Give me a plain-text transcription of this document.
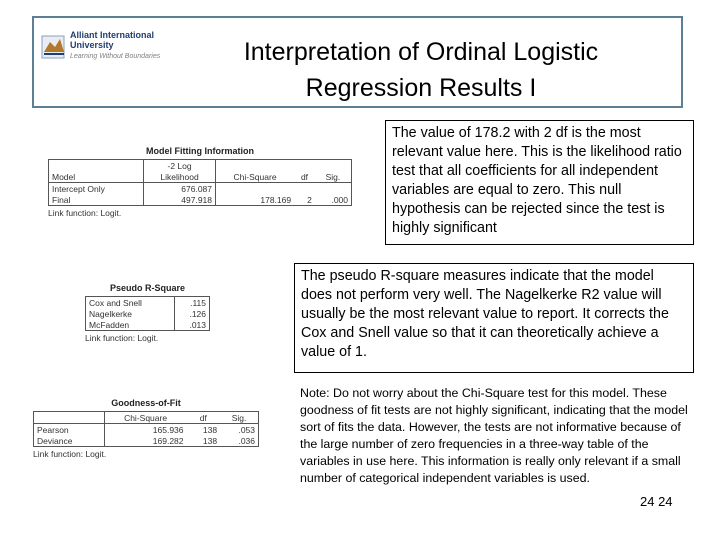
Alliant International
University
Learning Without Boundaries	Interpretation of Ordinal Logistic
Regression Results I
Model Fitting Information
Model	-2 Log	Chi-Square	df	Sig.
	Likelihood			
Intercept Only	676.087			
Final	497.918	178.169	2	.000
Link function: Logit.
Pseudo R-Square
Cox and Snell	.115
Nagelkerke	.126
McFadden	.013
Link function: Logit.
Goodness-of-Fit
	Chi-Square	df	Sig.
Pearson	165.936	138	.053
Deviance	169.282	138	.036
Link function: Logit.
The value of 178.2 with 2 df is the most relevant value here. This is the likelihood ratio test that all coefficients for all independent variables are equal to zero. This null hypothesis can be rejected since the test is highly significant
The pseudo R-square measures indicate that the model does not perform very well. The Nagelkerke R2 value will usually be the most relevant value to report. It corrects the Cox and Snell value so that it can theoretically achieve a value of 1.
Note: Do not worry about the Chi-Square test for this model. These goodness of fit tests are not highly significant, indicating that the model sort of fits the data. However, the tests are not informative because of the large number of zero frequencies in a three-way table of the variables in use here. This information is really only relevant if a small number of categorical independent variables is used.
24 24
